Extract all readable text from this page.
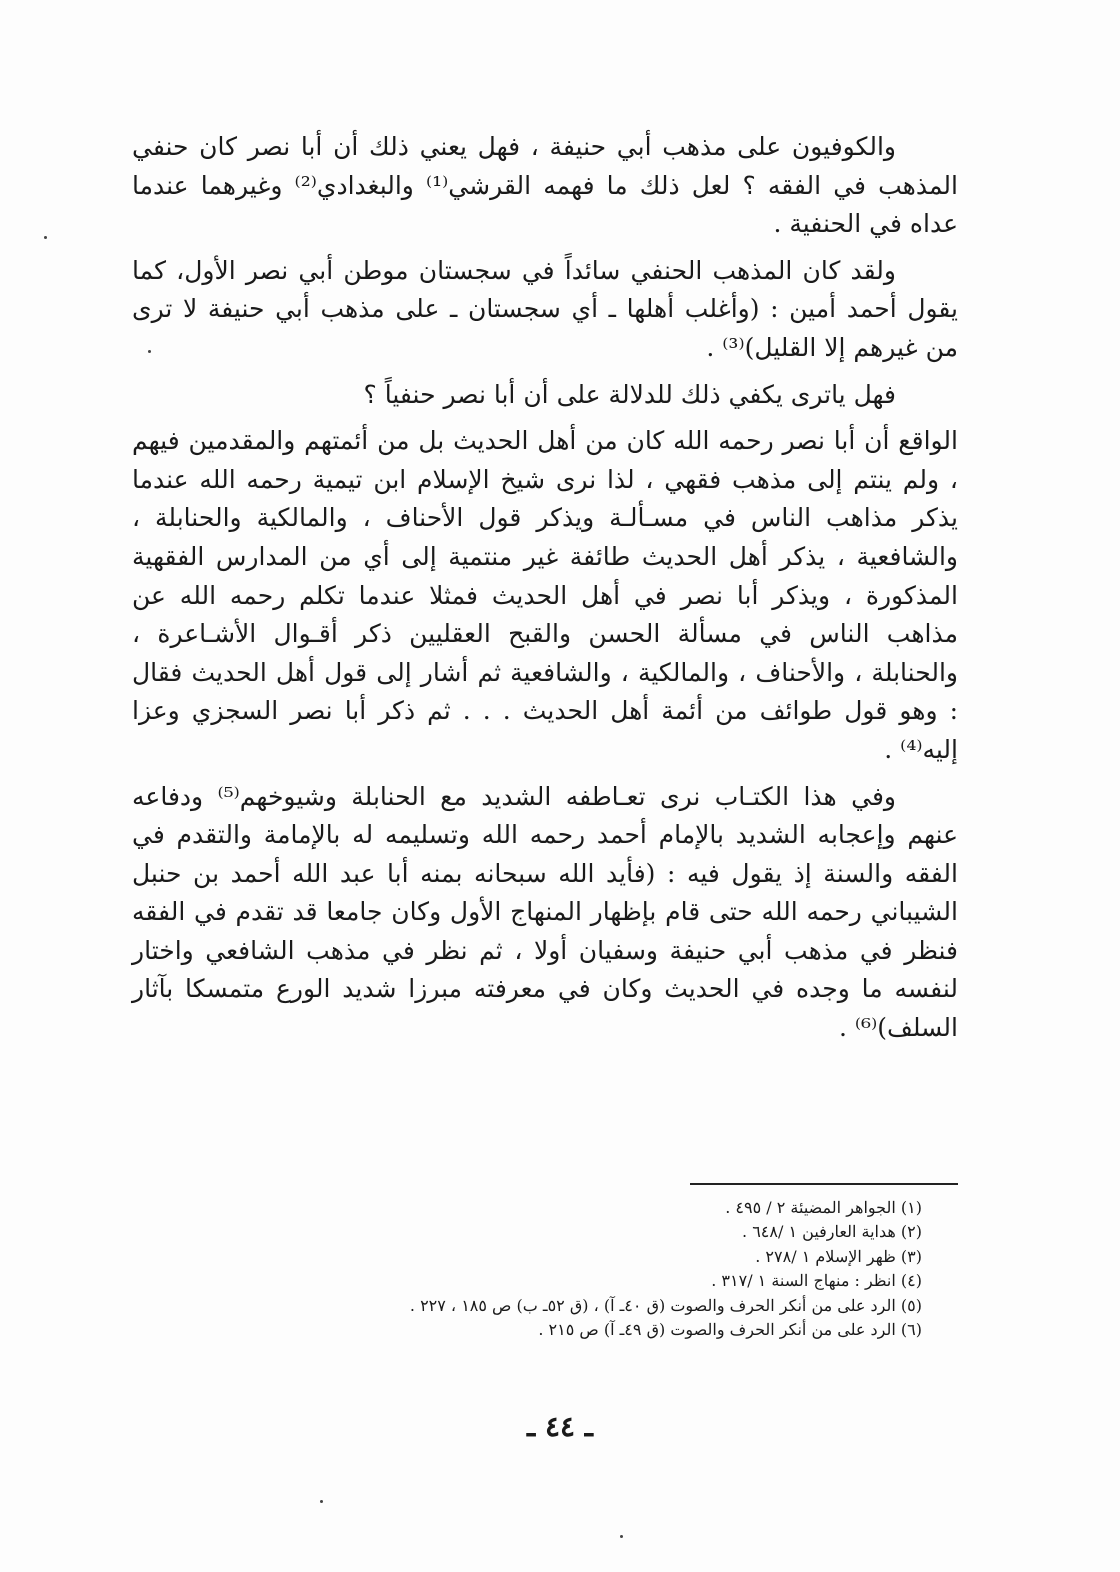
والكوفيون على مذهب أبي حنيفة ، فهل يعني ذلك أن أبا نصر كان حنفي المذهب في الفقه ؟ لعل ذلك ما فهمه القرشي⁽¹⁾ والبغدادي⁽²⁾ وغيرهما عندما عداه في الحنفية .

ولقد كان المذهب الحنفي سائداً في سجستان موطن أبي نصر الأول، كما يقول أحمد أمين : (وأغلب أهلها ـ أي سجستان ـ على مذهب أبي حنيفة لا ترى من غيرهم إلا القليل)⁽³⁾ .

فهل ياترى يكفي ذلك للدلالة على أن أبا نصر حنفياً ؟

الواقع أن أبا نصر رحمه الله كان من أهل الحديث بل من أئمتهم والمقدمين فيهم ، ولم ينتم إلى مذهب فقهي ، لذا نرى شيخ الإسلام ابن تيمية رحمه الله عندما يذكر مذاهب الناس في مسـألـة ويذكر قول الأحناف ، والمالكية والحنابلة ، والشافعية ، يذكر أهل الحديث طائفة غير منتمية إلى أي من المدارس الفقهية المذكورة ، ويذكر أبا نصر في أهل الحديث فمثلا عندما تكلم رحمه الله عن مذاهب الناس في مسألة الحسن والقبح العقليين ذكر أقـوال الأشـاعرة ، والحنابلة ، والأحناف ، والمالكية ، والشافعية ثم أشار إلى قول أهل الحديث فقال : وهو قول طوائف من أئمة أهل الحديث . . . ثم ذكر أبا نصر السجزي وعزا إليه⁽⁴⁾ .

وفي هذا الكتـاب نرى تعـاطفه الشديد مع الحنابلة وشيوخهم⁽⁵⁾ ودفاعه عنهم وإعجابه الشديد بالإمام أحمد رحمه الله وتسليمه له بالإمامة والتقدم في الفقه والسنة إذ يقول فيه : (فأيد الله سبحانه بمنه أبا عبد الله أحمد بن حنبل الشيباني رحمه الله حتى قام بإظهار المنهاج الأول وكان جامعا قد تقدم في الفقه فنظر في مذهب أبي حنيفة وسفيان أولا ، ثم نظر في مذهب الشافعي واختار لنفسه ما وجده في الحديث وكان في معرفته مبرزا شديد الورع متمسكا بآثار السلف)⁽⁶⁾ .

(١) الجواهر المضيئة ٢ / ٤٩٥ .

(٢) هداية العارفين ١ /٦٤٨ .

(٣) ظهر الإسلام ١ /٢٧٨ .

(٤) انظر : منهاج السنة ١ /٣١٧ .

(٥) الرد على من أنكر الحرف والصوت (ق ٤٠ـ آ) ، (ق ٥٢ـ ب) ص ١٨٥ ، ٢٢٧ .

(٦) الرد على من أنكر الحرف والصوت (ق ٤٩ـ آ) ص ٢١٥ .

ـ ٤٤ ـ
